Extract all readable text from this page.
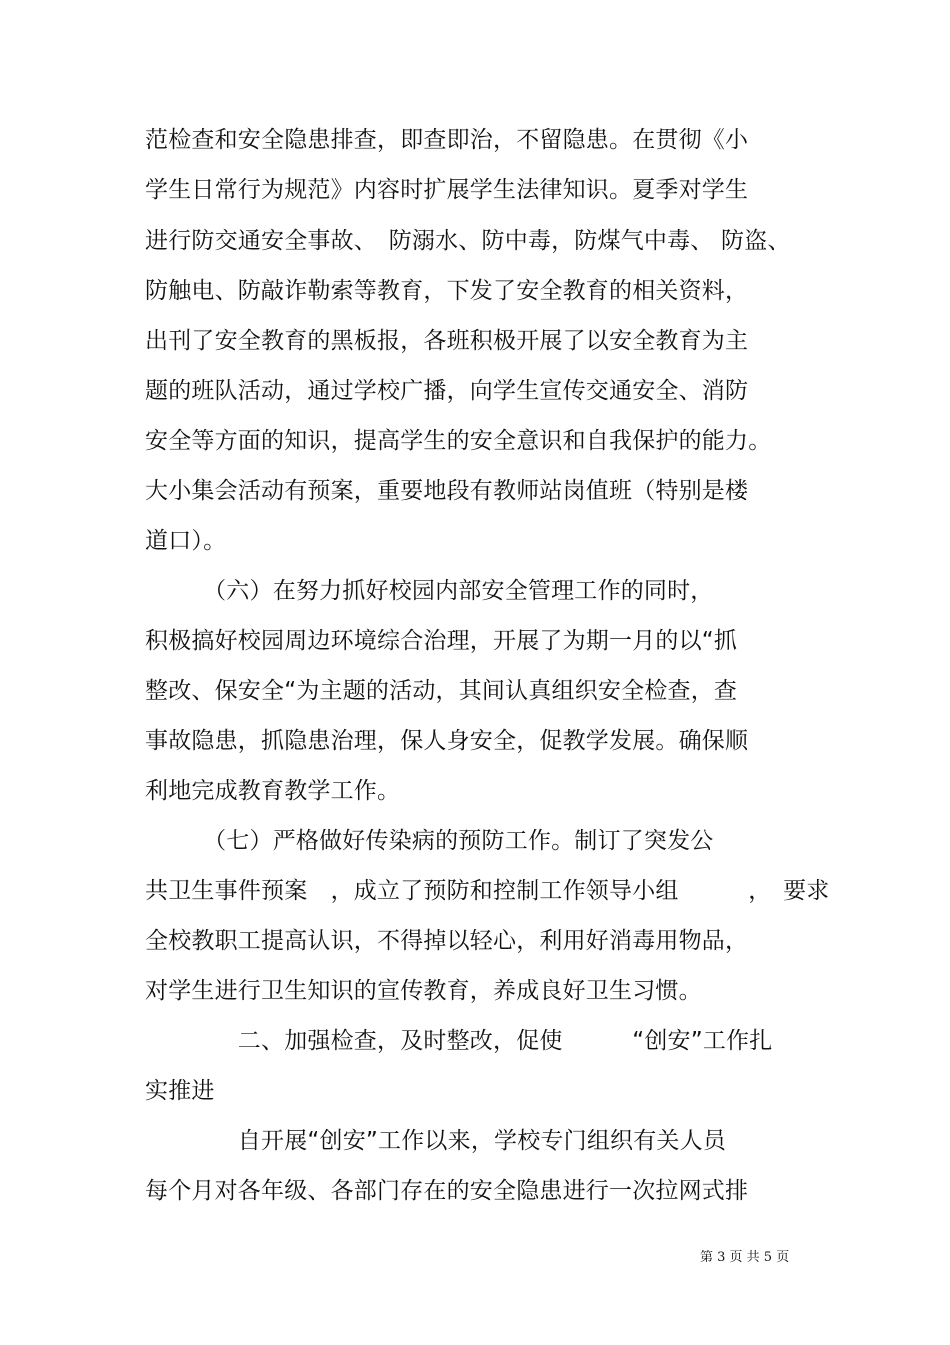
范检查和安全隐患排查，即查即治，不留隐患。在贯彻《小
学生日常行为规范》内容时扩展学生法律知识。夏季对学生
进行防交通安全事故、　防溺水、防中毒，防煤气中毒、 防盗、
防触电、防敲诈勒索等教育，下发了安全教育的相关资料，
出刊了安全教育的黑板报，各班积极开展了以安全教育为主
题的班队活动，通过学校广播，向学生宣传交通安全、消防
安全等方面的知识，提高学生的安全意识和自我保护的能力。
大小集会活动有预案，重要地段有教师站岗值班（特别是楼
道口）。
　　　（六）在努力抓好校园内部安全管理工作的同时，
积极搞好校园周边环境综合治理，开展了为期一月的以“抓
整改、保安全“为主题的活动，其间认真组织安全检查，查
事故隐患，抓隐患治理，保人身安全，促教学发展。确保顺
利地完成教育教学工作。
　　　（七）严格做好传染病的预防工作。制订了突发公
共卫生事件预案　，成立了预防和控制工作领导小组　　　，　要求
全校教职工提高认识，不得掉以轻心，利用好消毒用物品，
对学生进行卫生知识的宣传教育，养成良好卫生习惯。
　　　　二、加强检查，及时整改，促使　　　“创安”工作扎
实推进
　　　　自开展“创安”工作以来，学校专门组织有关人员
每个月对各年级、各部门存在的安全隐患进行一次拉网式排
第 3 页 共 5 页
